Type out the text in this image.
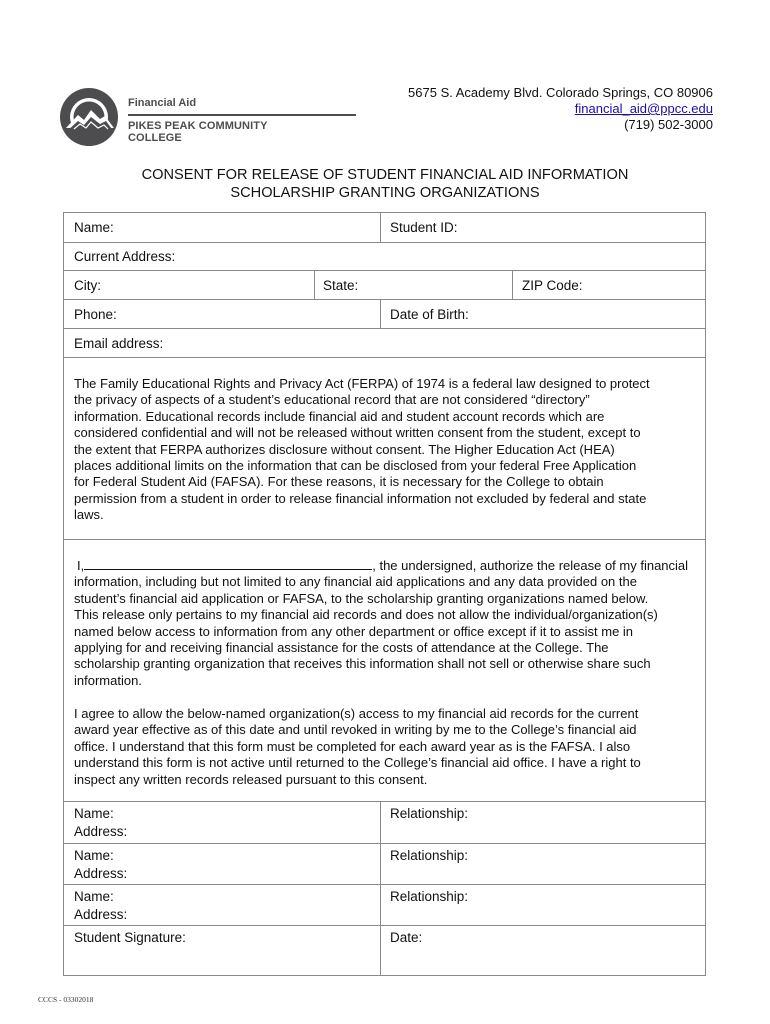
Financial Aid
PIKES PEAK COMMUNITY COLLEGE
5675 S. Academy Blvd. Colorado Springs, CO 80906
financial_aid@ppcc.edu
(719) 502-3000
CONSENT FOR RELEASE OF STUDENT FINANCIAL AID INFORMATION
SCHOLARSHIP GRANTING ORGANIZATIONS
Name:	Student ID:
Current Address:
City:	State:	ZIP Code:
Phone:	Date of Birth:
Email address:
The Family Educational Rights and Privacy Act (FERPA) of 1974 is a federal law designed to protect
the privacy of aspects of a student’s educational record that are not considered “directory”
information. Educational records include financial aid and student account records which are
considered confidential and will not be released without written consent from the student, except to
the extent that FERPA authorizes disclosure without consent. The Higher Education Act (HEA)
places additional limits on the information that can be disclosed from your federal Free Application
for Federal Student Aid (FAFSA). For these reasons, it is necessary for the College to obtain
permission from a student in order to release financial information not excluded by federal and state
laws.
I,	, the undersigned, authorize the release of my financial
information, including but not limited to any financial aid applications and any data provided on the
student’s financial aid application or FAFSA, to the scholarship granting organizations named below.
This release only pertains to my financial aid records and does not allow the individual/organization(s)
named below access to information from any other department or office except if it to assist me in
applying for and receiving financial assistance for the costs of attendance at the College. The
scholarship granting organization that receives this information shall not sell or otherwise share such
information.
I agree to allow the below-named organization(s) access to my financial aid records for the current
award year effective as of this date and until revoked in writing by me to the College’s financial aid
office. I understand that this form must be completed for each award year as is the FAFSA. I also
understand this form is not active until returned to the College’s financial aid office. I have a right to
inspect any written records released pursuant to this consent.
Name:
Address:
Relationship:
Name:
Address:
Relationship:
Name:
Address:
Relationship:
Student Signature:	Date:
CCCS - 03302018
